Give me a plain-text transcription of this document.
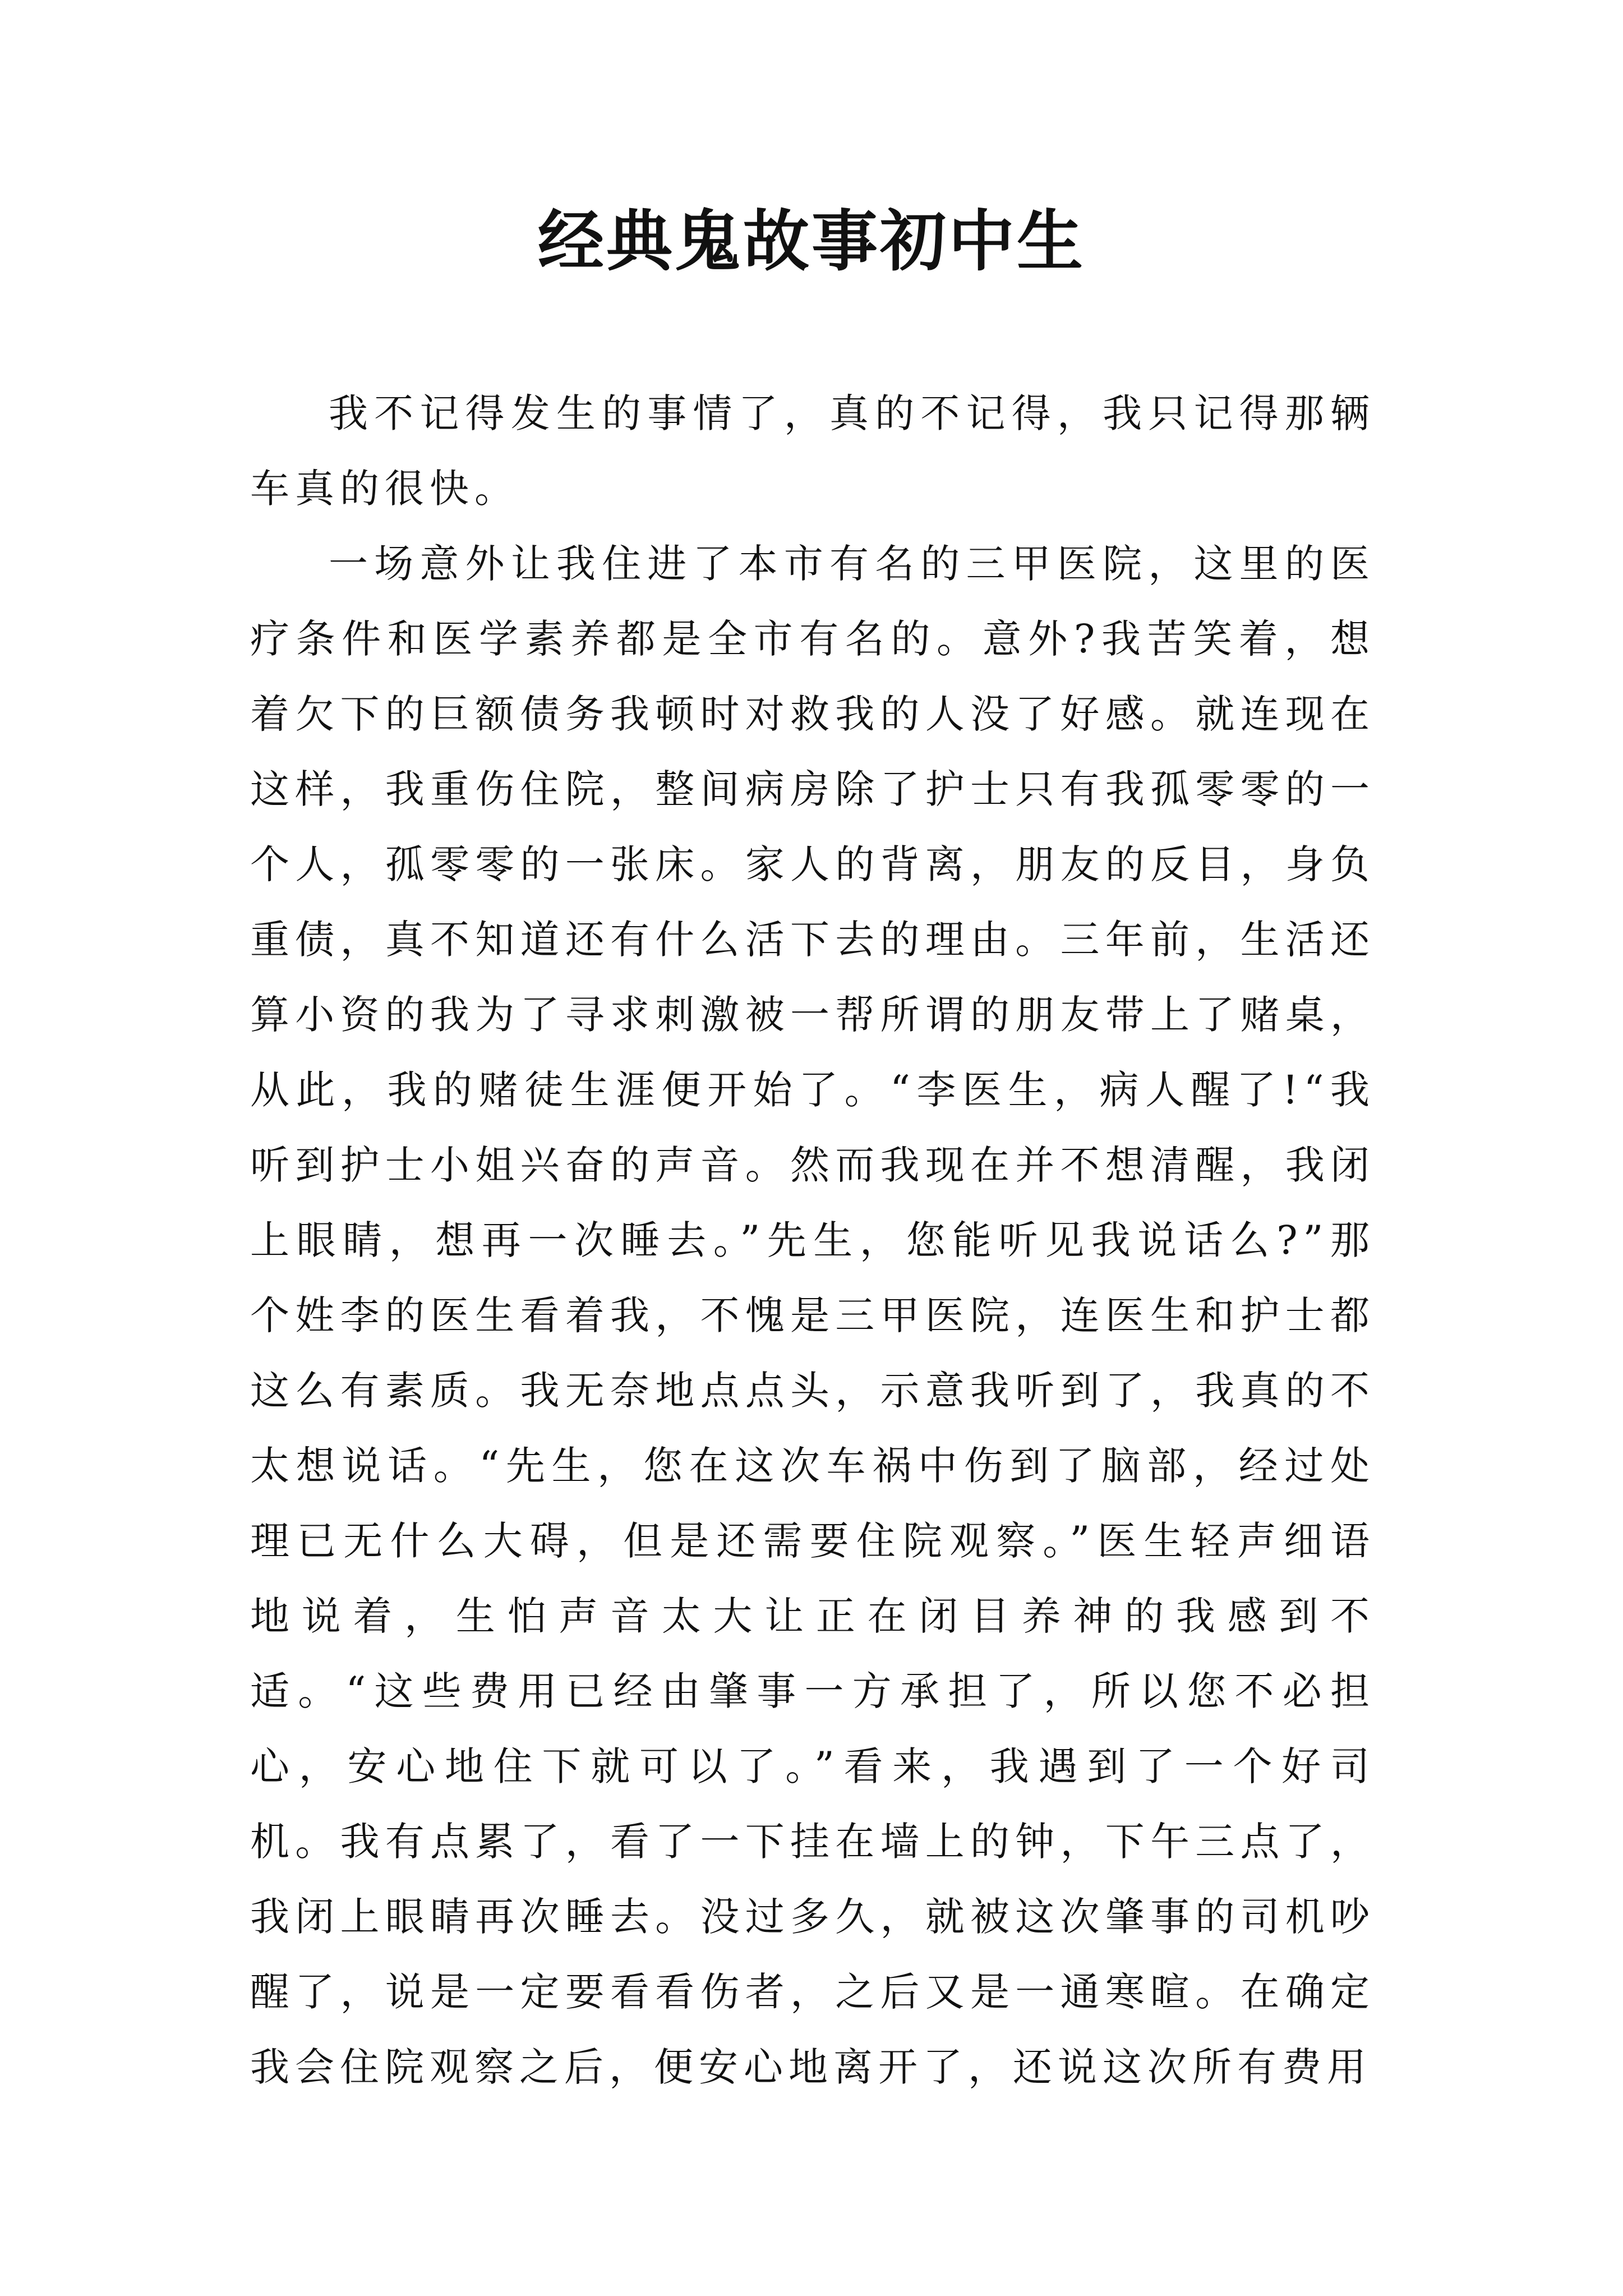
经典鬼故事初中生

我不记得发生的事情了，真的不记得，我只记得那辆车真的很快。

一场意外让我住进了本市有名的三甲医院，这里的医疗条件和医学素养都是全市有名的。意外?我苦笑着，想着欠下的巨额债务我顿时对救我的人没了好感。就连现在这样，我重伤住院，整间病房除了护士只有我孤零零的一个人，孤零零的一张床。家人的背离，朋友的反目，身负重债，真不知道还有什么活下去的理由。三年前，生活还算小资的我为了寻求刺激被一帮所谓的朋友带上了赌桌，从此，我的赌徒生涯便开始了。“李医生，病人醒了!“我听到护士小姐兴奋的声音。然而我现在并不想清醒，我闭上眼睛，想再一次睡去。”先生，您能听见我说话么?”那个姓李的医生看着我，不愧是三甲医院，连医生和护士都这么有素质。我无奈地点点头，示意我听到了，我真的不太想说话。“先生，您在这次车祸中伤到了脑部，经过处理已无什么大碍，但是还需要住院观察。”医生轻声细语地说着，生怕声音太大让正在闭目养神的我感到不适。“这些费用已经由肇事一方承担了，所以您不必担心，安心地住下就可以了。”看来，我遇到了一个好司机。我有点累了，看了一下挂在墙上的钟，下午三点了，我闭上眼睛再次睡去。没过多久，就被这次肇事的司机吵醒了，说是一定要看看伤者，之后又是一通寒暄。在确定我会住院观察之后，便安心地离开了，还说这次所有费用
